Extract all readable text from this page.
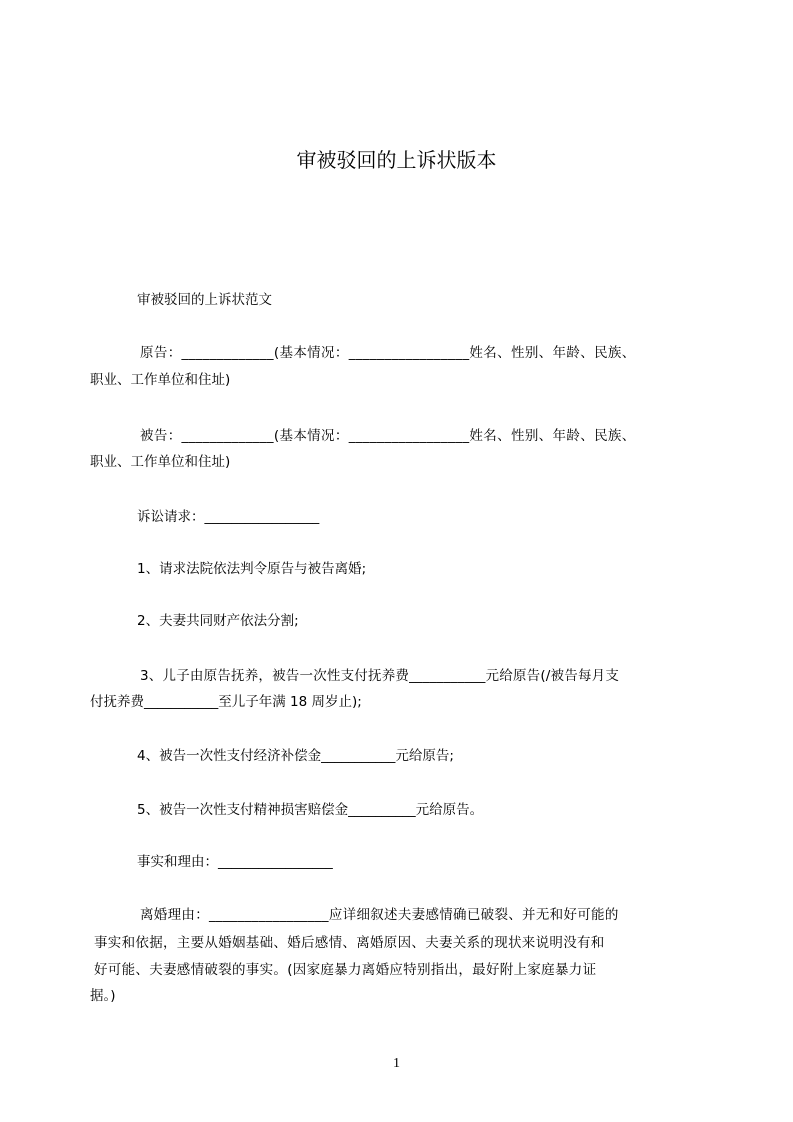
审被驳回的上诉状版本
审被驳回的上诉状范文
原告：_____________(基本情况：_________________姓名、性别、年龄、民族、
职业、工作单位和住址)
被告：_____________(基本情况：_________________姓名、性别、年龄、民族、
职业、工作单位和住址)
诉讼请求：_________________
1、请求法院依法判令原告与被告离婚;
2、夫妻共同财产依法分割;
3、儿子由原告抚养，被告一次性支付抚养费___________元给原告(/被告每月支
付抚养费___________至儿子年满 18 周岁止);
4、被告一次性支付经济补偿金___________元给原告;
5、被告一次性支付精神损害赔偿金__________元给原告。
事实和理由：_________________
离婚理由：_________________应详细叙述夫妻感情确已破裂、并无和好可能的
事实和依据，主要从婚姻基础、婚后感情、离婚原因、夫妻关系的现状来说明没有和
好可能、夫妻感情破裂的事实。(因家庭暴力离婚应特别指出，最好附上家庭暴力证
据。)
1
